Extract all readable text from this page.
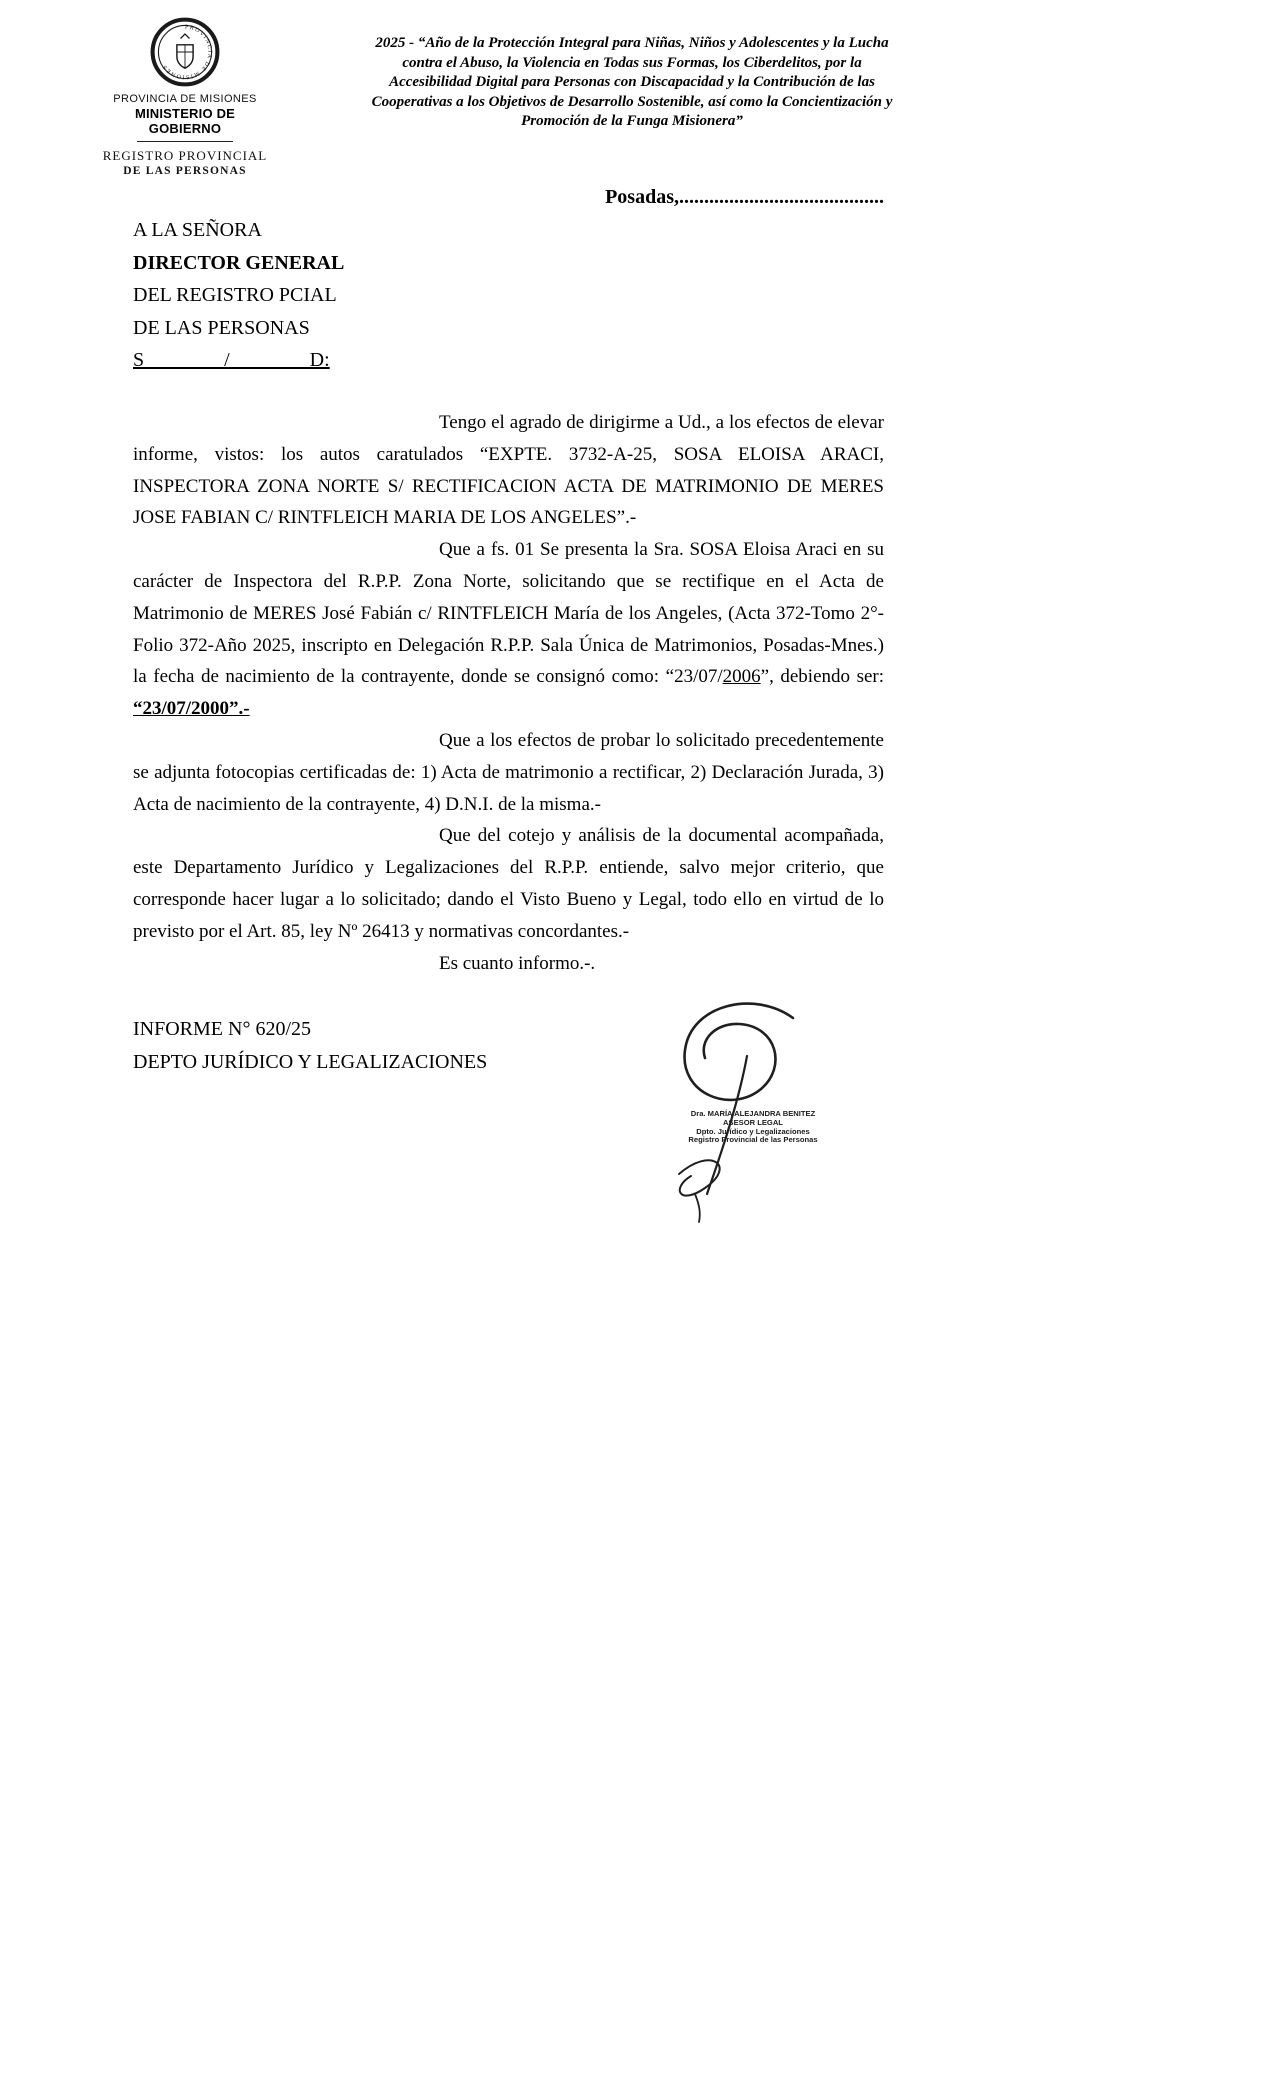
PROVINCIA DE MISIONES
PROVINCIA DE MISIONES
MINISTERIO DE GOBIERNO
REGISTRO PROVINCIAL
DE LAS PERSONAS
2025 - “Año de la Protección Integral para Niñas, Niños y Adolescentes y la Lucha contra el Abuso, la Violencia en Todas sus Formas, los Ciberdelitos, por la Accesibilidad Digital para Personas con Discapacidad y la Contribución de las Cooperativas a los Objetivos de Desarrollo Sostenible, así como la Concientización y Promoción de la Funga Misionera”
Posadas,.........................................
A LA SEÑORA
DIRECTOR GENERAL
DEL REGISTRO PCIAL
DE LAS PERSONAS
S                /                D:

Tengo el agrado de dirigirme a Ud., a los efectos de elevar informe, vistos: los autos caratulados “EXPTE. 3732-A-25, SOSA ELOISA ARACI, INSPECTORA ZONA NORTE S/ RECTIFICACION ACTA DE MATRIMONIO DE MERES JOSE FABIAN C/ RINTFLEICH MARIA DE LOS ANGELES”.-

Que a fs. 01 Se presenta la Sra. SOSA Eloisa Araci en su carácter de Inspectora del R.P.P. Zona Norte, solicitando que se rectifique en el Acta de Matrimonio de MERES José Fabián c/ RINTFLEICH María de los Angeles, (Acta 372-Tomo 2°-Folio 372-Año 2025, inscripto en Delegación R.P.P. Sala Única de Matrimonios, Posadas-Mnes.) la fecha de nacimiento de la contrayente, donde se consignó como: “23/07/2006”, debiendo ser: “23/07/2000”.-

Que a los efectos de probar lo solicitado precedentemente se adjunta fotocopias certificadas de: 1) Acta de matrimonio a rectificar, 2) Declaración Jurada, 3) Acta de nacimiento de la contrayente, 4) D.N.I. de la misma.-

Que del cotejo y análisis de la documental acompañada, este Departamento Jurídico y Legalizaciones del R.P.P. entiende, salvo mejor criterio, que corresponde hacer lugar a lo solicitado; dando el Visto Bueno y Legal, todo ello en virtud de lo previsto por el Art. 85, ley Nº 26413 y normativas concordantes.-

Es cuanto informo.-.

INFORME N° 620/25
DEPTO JURÍDICO Y LEGALIZACIONES
Dra. MARÍA ALEJANDRA BENITEZ
ASESOR LEGAL
Dpto. Jurídico y Legalizaciones
Registro Provincial de las Personas
